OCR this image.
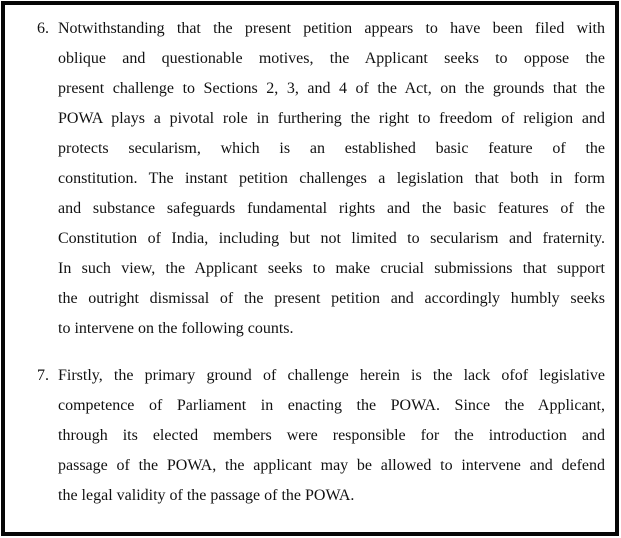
6. Notwithstanding that the present petition appears to have been filed with
oblique and questionable motives, the Applicant seeks to oppose the
present challenge to Sections 2, 3, and 4 of the Act, on the grounds that the
POWA plays a pivotal role in furthering the right to freedom of religion and
protects secularism, which is an established basic feature of the
constitution. The instant petition challenges a legislation that both in form
and substance safeguards fundamental rights and the basic features of the
Constitution of India, including but not limited to secularism and fraternity.
In such view, the Applicant seeks to make crucial submissions that support
the outright dismissal of the present petition and accordingly humbly seeks
to intervene on the following counts.
7. Firstly, the primary ground of challenge herein is the lack ofof legislative
competence of Parliament in enacting the POWA. Since the Applicant,
through its elected members were responsible for the introduction and
passage of the POWA, the applicant may be allowed to intervene and defend
the legal validity of the passage of the POWA.
